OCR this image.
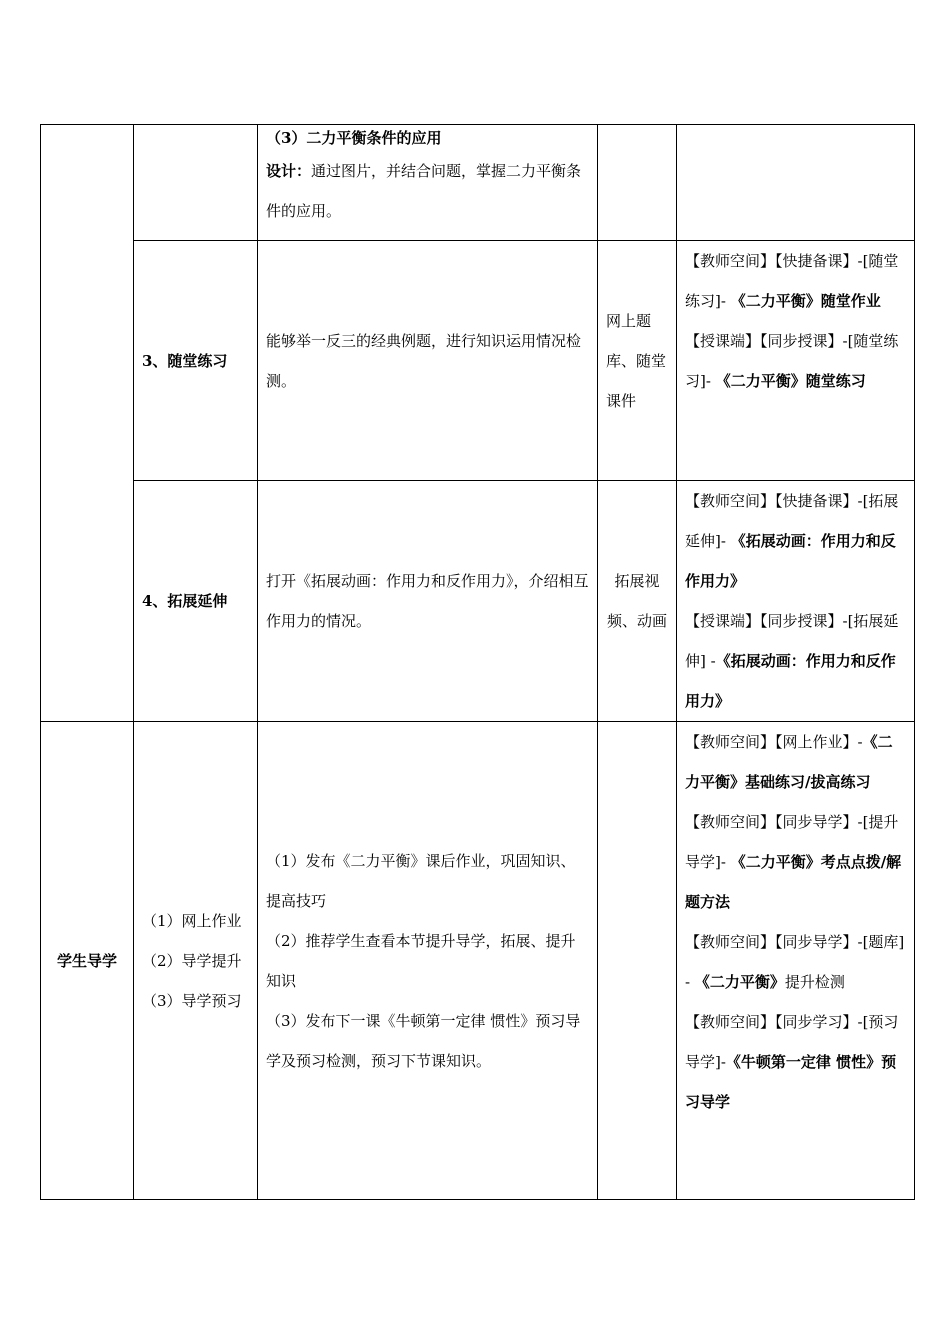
		（3）二力平衡条件的应用
设计：通过图片，并结合问题，掌握二力平衡条件的应用。		

	3、随堂练习	能够举一反三的经典例题，进行知识运用情况检测。	网上题库、随堂课件	【教师空间】【快捷备课】-[随堂练习]- 《二力平衡》随堂作业
【授课端】【同步授课】-[随堂练习]- 《二力平衡》随堂练习

	4、拓展延伸	打开《拓展动画：作用力和反作用力》，介绍相互作用力的情况。	拓展视频、动画	【教师空间】【快捷备课】-[拓展延伸]- 《拓展动画：作用力和反作用力》
【授课端】【同步授课】-[拓展延伸] -《拓展动画：作用力和反作用力》

学生导学	（1）网上作业
（2）导学提升
（3）导学预习	（1）发布《二力平衡》课后作业，巩固知识、提高技巧
（2）推荐学生查看本节提升导学，拓展、提升知识
（3）发布下一课《牛顿第一定律 惯性》预习导学及预习检测，预习下节课知识。		【教师空间】【网上作业】-《二力平衡》基础练习/拔高练习
【教师空间】【同步导学】-[提升导学]- 《二力平衡》考点点拨/解题方法
【教师空间】【同步导学】-[题库]- 《二力平衡》提升检测
【教师空间】【同步学习】-[预习导学]-《牛顿第一定律 惯性》预习导学
